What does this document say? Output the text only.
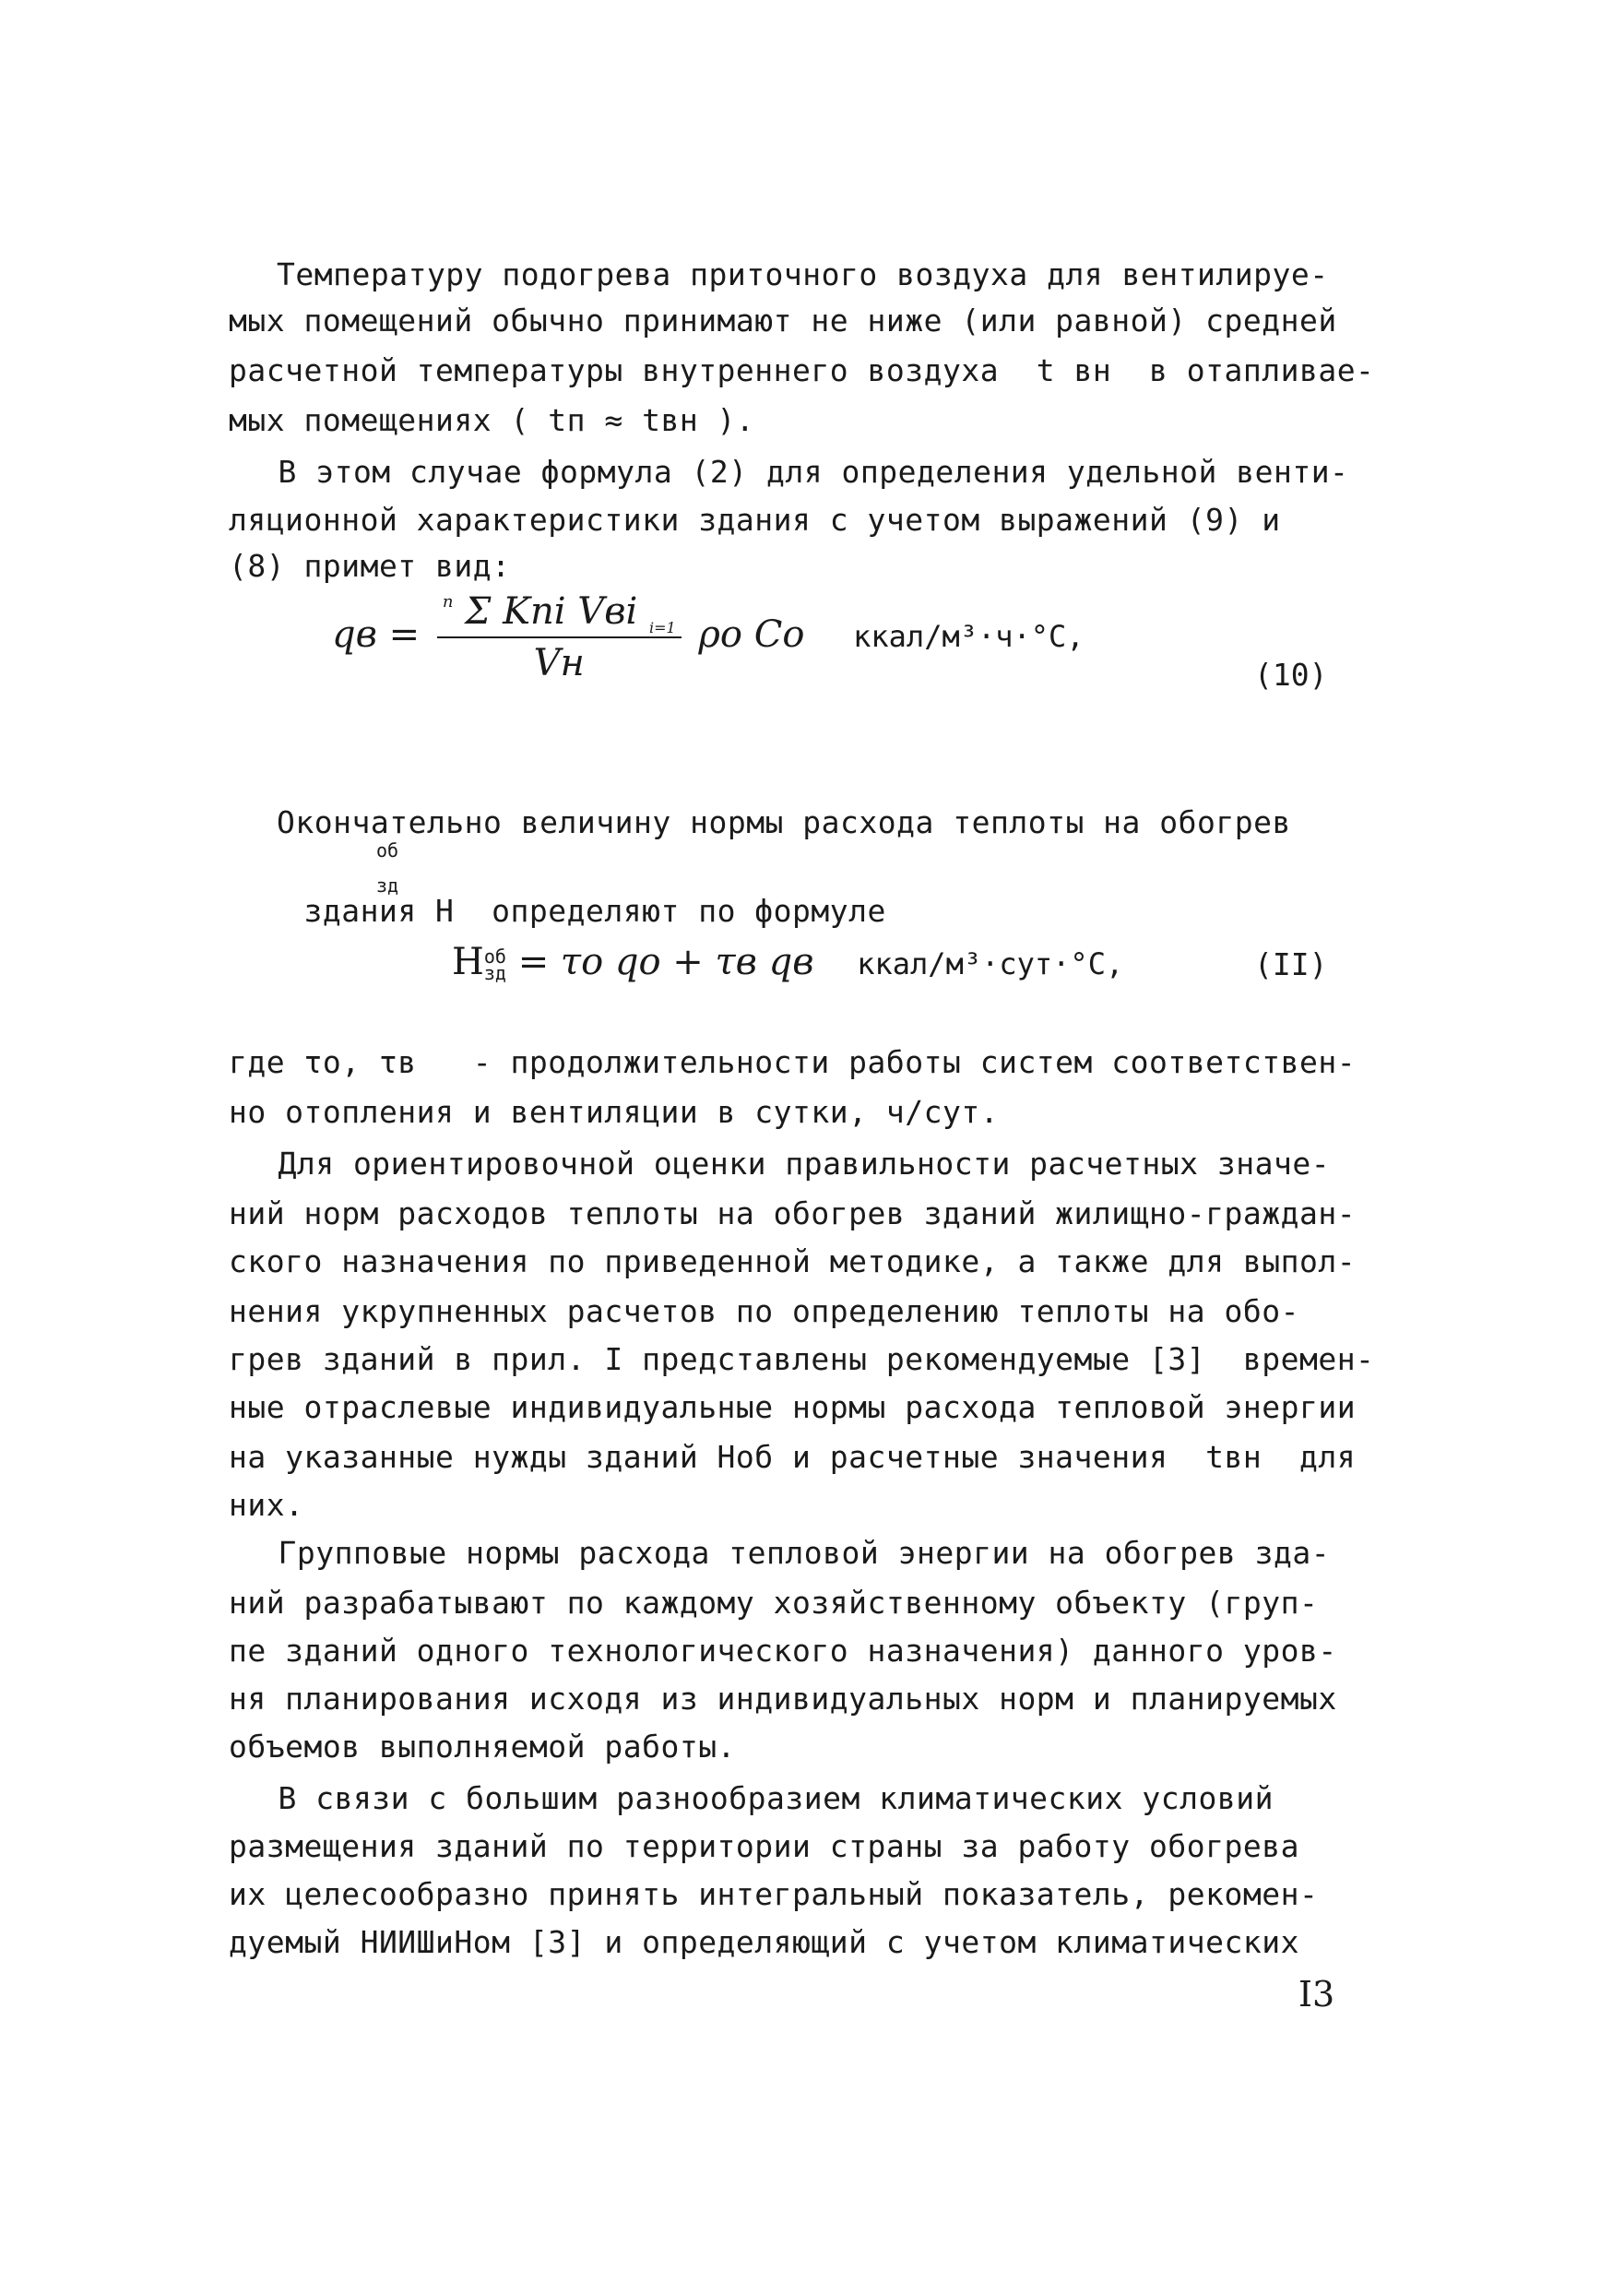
Температуру подогрева приточного воздуха для вентилируе-
мых помещений обычно принимают не ниже (или равной) средней
расчетной температуры внутреннего воздуха  t вн  в отапливае-
мых помещениях ( tп ≈ tвн ).
В этом случае формула (2) для определения удельной венти-
ляционной характеристики здания с учетом выражений (9) и
(8) примет вид:
qв = $\frac{^n \Sigma Kпi Vвi _{i=1}}{Vн}$ ρо Cо ккал/м³·ч·°С,
(10)
Окончательно величину нормы расхода теплоты на обогрев

здания Н  определяют по формуле

об
зд
Н об
зд = τо qо + τв qв ккал/м³·сут·°С,	(II)
где τо, τв   - продолжительности работы систем соответствен-
но отопления и вентиляции в сутки, ч/сут.
Для ориентировочной оценки правильности расчетных значе-
ний норм расходов теплоты на обогрев зданий жилищно-граждан-
ского назначения по приведенной методике, а также для выпол-
нения укрупненных расчетов по определению теплоты на обо-
грев зданий в прил. I представлены рекомендуемые [3]  времен-
ные отраслевые индивидуальные нормы расхода тепловой энергии
на указанные нужды зданий Ноб и расчетные значения  tвн  для
них.
Групповые нормы расхода тепловой энергии на обогрев зда-
ний разрабатывают по каждому хозяйственному объекту (груп-
пе зданий одного технологического назначения) данного уров-
ня планирования исходя из индивидуальных норм и планируемых
объемов выполняемой работы.
В связи с большим разнообразием климатических условий
размещения зданий по территории страны за работу обогрева
их целесообразно принять интегральный показатель, рекомен-
дуемый НИИШиНом [3] и определяющий с учетом климатических
I3
